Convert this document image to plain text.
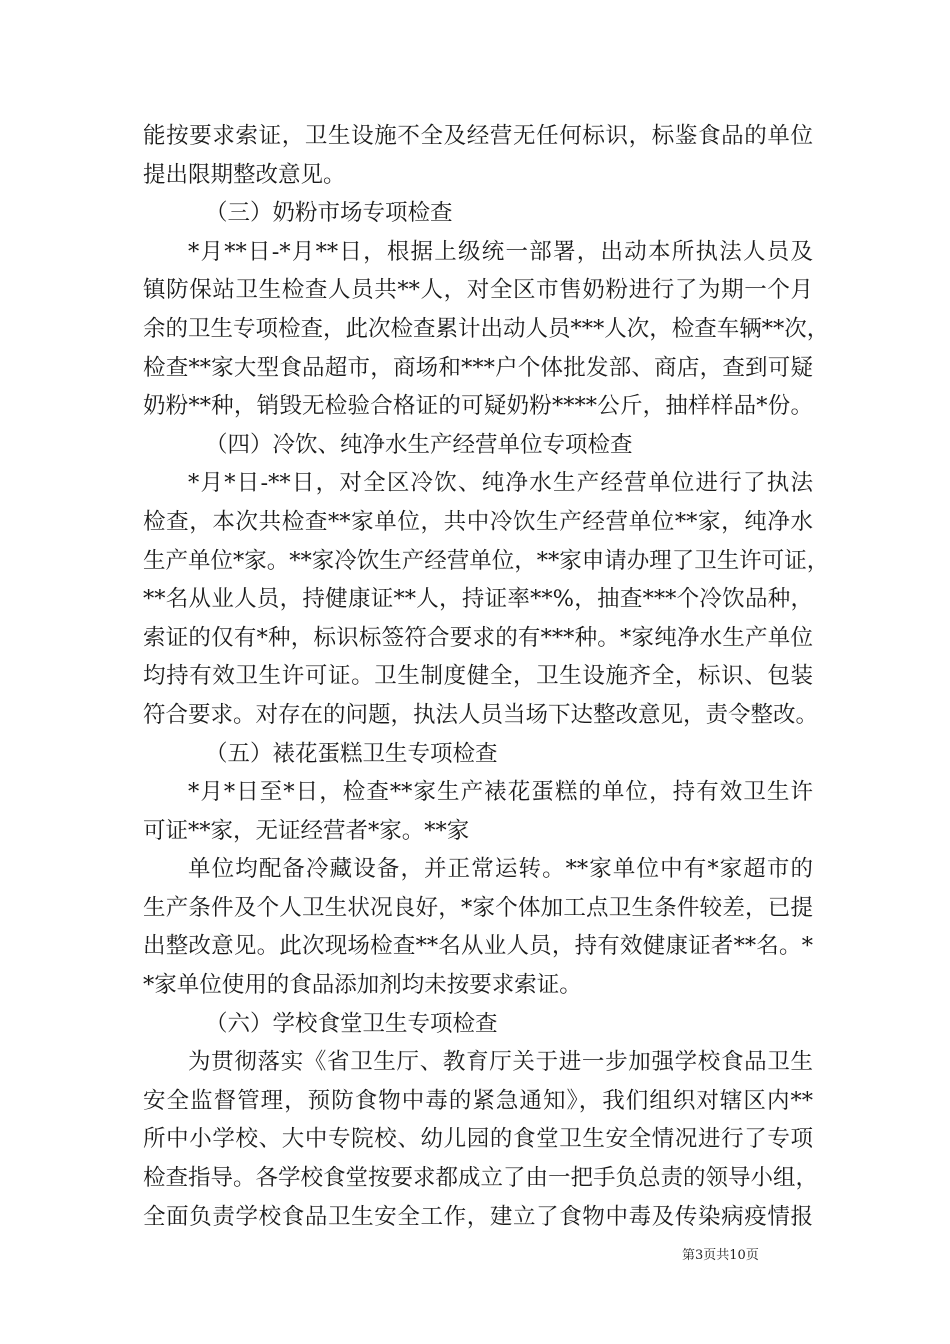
能按要求索证，卫生设施不全及经营无任何标识，标鉴食品的单位
提出限期整改意见。
（三）奶粉市场专项检查
*月**日-*月**日，根据上级统一部署，出动本所执法人员及
镇防保站卫生检查人员共**人，对全区市售奶粉进行了为期一个月
余的卫生专项检查，此次检查累计出动人员***人次，检查车辆**次，
检查**家大型食品超市，商场和***户个体批发部、商店，查到可疑
奶粉**种，销毁无检验合格证的可疑奶粉****公斤，抽样样品*份。
（四）冷饮、纯净水生产经营单位专项检查
*月*日-**日，对全区冷饮、纯净水生产经营单位进行了执法
检查，本次共检查**家单位，共中冷饮生产经营单位**家，纯净水
生产单位*家。**家冷饮生产经营单位，**家申请办理了卫生许可证，
**名从业人员，持健康证**人，持证率**%，抽查***个冷饮品种，
索证的仅有*种，标识标签符合要求的有***种。*家纯净水生产单位
均持有效卫生许可证。卫生制度健全，卫生设施齐全，标识、包装
符合要求。对存在的问题，执法人员当场下达整改意见，责令整改。
（五）裱花蛋糕卫生专项检查
*月*日至*日，检查**家生产裱花蛋糕的单位，持有效卫生许
可证**家，无证经营者*家。**家
单位均配备冷藏设备，并正常运转。**家单位中有*家超市的
生产条件及个人卫生状况良好，*家个体加工点卫生条件较差，已提
出整改意见。此次现场检查**名从业人员，持有效健康证者**名。*
*家单位使用的食品添加剂均未按要求索证。
（六）学校食堂卫生专项检查
为贯彻落实《省卫生厅、教育厅关于进一步加强学校食品卫生
安全监督管理，预防食物中毒的紧急通知》，我们组织对辖区内**
所中小学校、大中专院校、幼儿园的食堂卫生安全情况进行了专项
检查指导。各学校食堂按要求都成立了由一把手负总责的领导小组，
全面负责学校食品卫生安全工作，建立了食物中毒及传染病疫情报
第3页共10页
